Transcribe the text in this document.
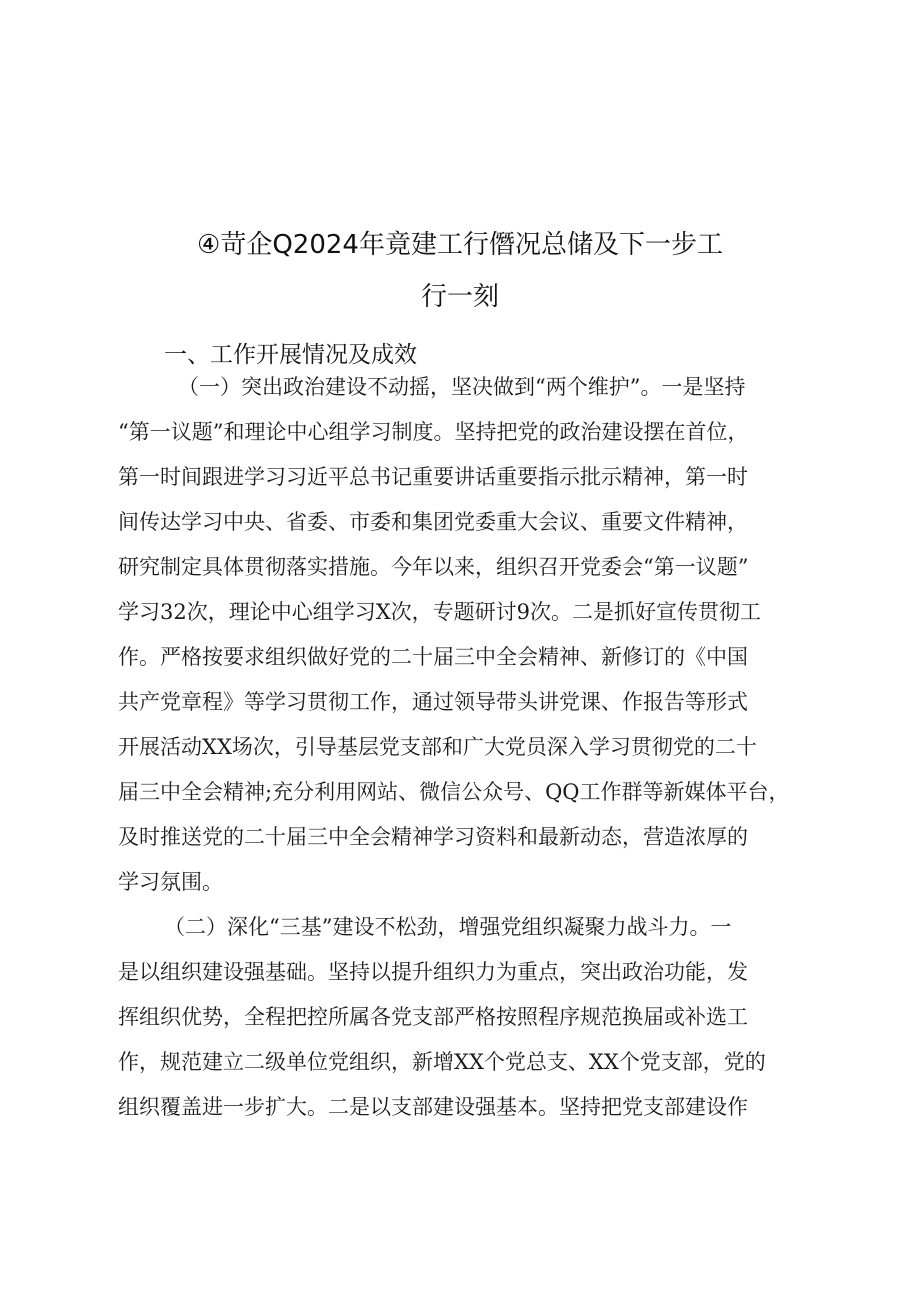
④苛企Q2024年竟建工行僭况总储及下一步工
行一刻
一、工作开展情况及成效
（一）突出政治建设不动摇，坚决做到“两个维护”。一是坚持
“第一议题”和理论中心组学习制度。坚持把党的政治建设摆在首位，
第一时间跟进学习习近平总书记重要讲话重要指示批示精神，第一时
间传达学习中央、省委、市委和集团党委重大会议、重要文件精神，
研究制定具体贯彻落实措施。今年以来，组织召开党委会“第一议题”
学习32次，理论中心组学习X次，专题研讨9次。二是抓好宣传贯彻工
作。严格按要求组织做好党的二十届三中全会精神、新修订的《中国
共产党章程》等学习贯彻工作，通过领导带头讲党课、作报告等形式
开展活动XX场次，引导基层党支部和广大党员深入学习贯彻党的二十
届三中全会精神;充分利用网站、微信公众号、QQ工作群等新媒体平台，
及时推送党的二十届三中全会精神学习资料和最新动态，营造浓厚的
学习氛围。
（二）深化“三基”建设不松劲，增强党组织凝聚力战斗力。一
是以组织建设强基础。坚持以提升组织力为重点，突出政治功能，发
挥组织优势，全程把控所属各党支部严格按照程序规范换届或补选工
作，规范建立二级单位党组织，新增XX个党总支、XX个党支部，党的
组织覆盖进一步扩大。二是以支部建设强基本。坚持把党支部建设作
